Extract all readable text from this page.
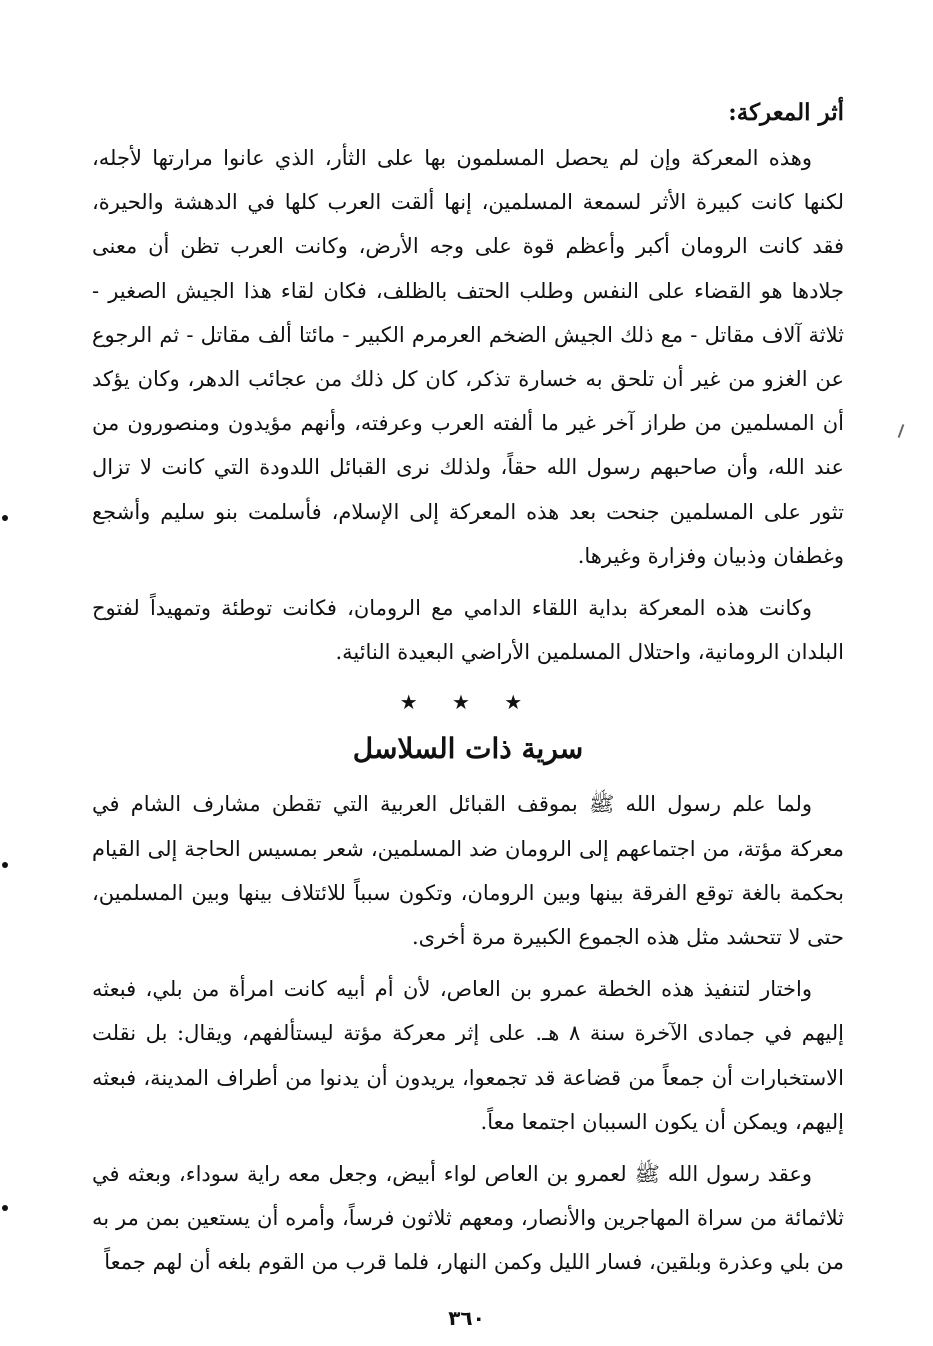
أثر المعركة:

وهذه المعركة وإن لم يحصل المسلمون بها على الثأر، الذي عانوا مرارتها لأجله، لكنها كانت كبيرة الأثر لسمعة المسلمين، إنها ألقت العرب كلها في الدهشة والحيرة، فقد كانت الرومان أكبر وأعظم قوة على وجه الأرض، وكانت العرب تظن أن معنى جلادها هو القضاء على النفس وطلب الحتف بالظلف، فكان لقاء هذا الجيش الصغير - ثلاثة آلاف مقاتل - مع ذلك الجيش الضخم العرمرم الكبير - مائتا ألف مقاتل - ثم الرجوع عن الغزو من غير أن تلحق به خسارة تذكر، كان كل ذلك من عجائب الدهر، وكان يؤكد أن المسلمين من طراز آخر غير ما ألفته العرب وعرفته، وأنهم مؤيدون ومنصورون من عند الله، وأن صاحبهم رسول الله حقاً، ولذلك نرى القبائل اللدودة التي كانت لا تزال تثور على المسلمين جنحت بعد هذه المعركة إلى الإسلام، فأسلمت بنو سليم وأشجع وغطفان وذبيان وفزارة وغيرها.

وكانت هذه المعركة بداية اللقاء الدامي مع الرومان، فكانت توطئة وتمهيداً لفتوح البلدان الرومانية، واحتلال المسلمين الأراضي البعيدة النائية.

★ ★ ★
سرية ذات السلاسل

ولما علم رسول الله ﷺ بموقف القبائل العربية التي تقطن مشارف الشام في معركة مؤتة، من اجتماعهم إلى الرومان ضد المسلمين، شعر بمسيس الحاجة إلى القيام بحكمة بالغة توقع الفرقة بينها وبين الرومان، وتكون سبباً للائتلاف بينها وبين المسلمين، حتى لا تتحشد مثل هذه الجموع الكبيرة مرة أخرى.

واختار لتنفيذ هذه الخطة عمرو بن العاص، لأن أم أبيه كانت امرأة من بلي، فبعثه إليهم في جمادى الآخرة سنة ٨ هـ. على إثر معركة مؤتة ليستألفهم، ويقال: بل نقلت الاستخبارات أن جمعاً من قضاعة قد تجمعوا، يريدون أن يدنوا من أطراف المدينة، فبعثه إليهم، ويمكن أن يكون السببان اجتمعا معاً.

وعقد رسول الله ﷺ لعمرو بن العاص لواء أبيض، وجعل معه راية سوداء، وبعثه في ثلاثمائة من سراة المهاجرين والأنصار، ومعهم ثلاثون فرساً، وأمره أن يستعين بمن مر به من بلي وعذرة وبلقين، فسار الليل وكمن النهار، فلما قرب من القوم بلغه أن لهم جمعاً

٣٦٠
